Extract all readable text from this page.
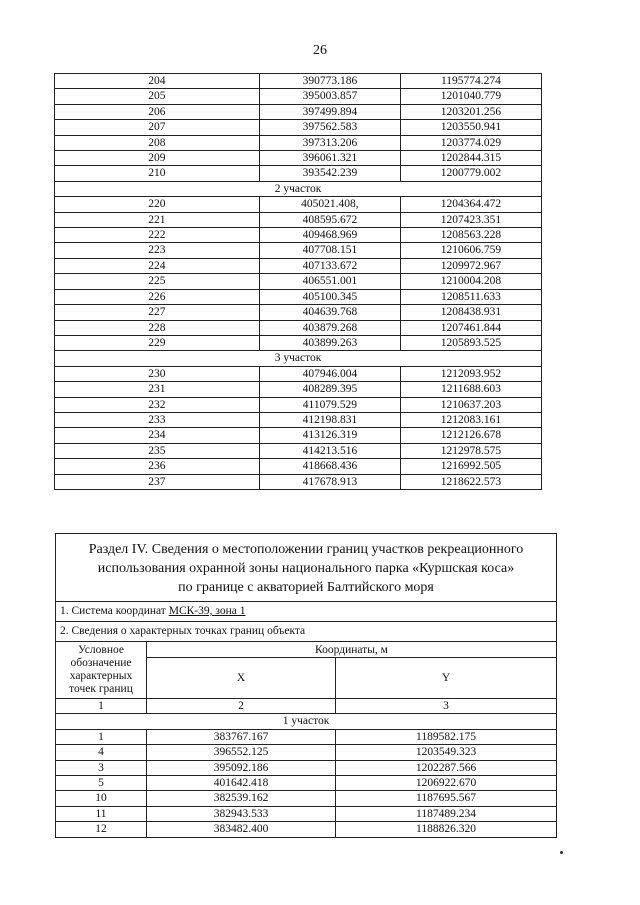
26
204	390773.186	1195774.274
205	395003.857	1201040.779
206	397499.894	1203201.256
207	397562.583	1203550.941
208	397313.206	1203774.029
209	396061.321	1202844.315
210	393542.239	1200779.002
2 участок		
220	405021.408,	1204364.472
221	408595.672	1207423.351
222	409468.969	1208563.228
223	407708.151	1210606.759
224	407133.672	1209972.967
225	406551.001	1210004.208
226	405100.345	1208511.633
227	404639.768	1208438.931
228	403879.268	1207461.844
229	403899.263	1205893.525
3 участок		
230	407946.004	1212093.952
231	408289.395	1211688.603
232	411079.529	1210637.203
233	412198.831	1212083.161
234	413126.319	1212126.678
235	414213.516	1212978.575
236	418668.436	1216992.505
237	417678.913	1218622.573
Раздел IV. Сведения о местоположении границ участков рекреационного
использования охранной зоны национального парка «Куршская коса»
по границе с акваторией Балтийского моря
1. Система координат МСК-39, зона 1
2. Сведения о характерных точках границ объекта
Условное обозначение характерных точек границ	Координаты, м	
	X	Y
1	2	3
1 участок		
1	383767.167	1189582.175
4	396552.125	1203549.323
3	395092.186	1202287.566
5	401642.418	1206922.670
10	382539.162	1187695.567
11	382943.533	1187489.234
12	383482.400	1188826.320
